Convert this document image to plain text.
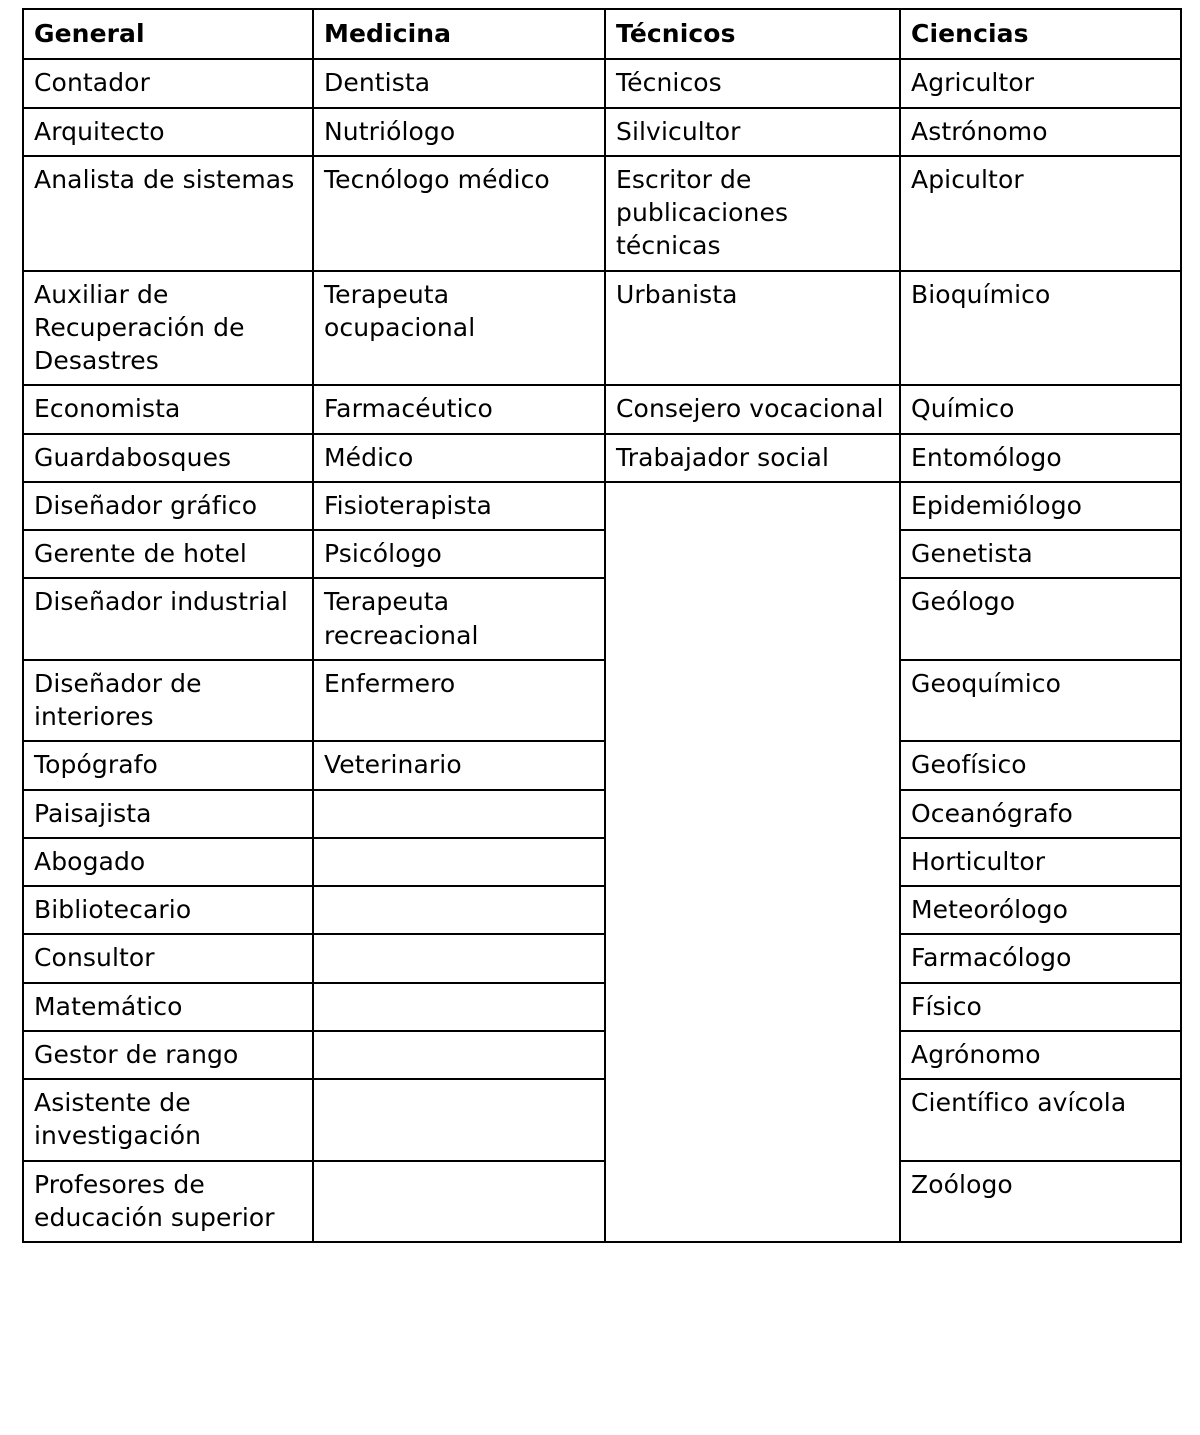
General	Medicina	Técnicos	Ciencias
Contador	Dentista	Técnicos	Agricultor
Arquitecto	Nutriólogo	Silvicultor	Astrónomo
Analista de sistemas	Tecnólogo médico	Escritor de publicaciones técnicas	Apicultor
Auxiliar de Recuperación de Desastres	Terapeuta ocupacional	Urbanista	Bioquímico
Economista	Farmacéutico	Consejero vocacional	Químico
Guardabosques	Médico	Trabajador social	Entomólogo
Diseñador gráfico	Fisioterapista		Epidemiólogo
Gerente de hotel	Psicólogo		Genetista
Diseñador industrial	Terapeuta recreacional		Geólogo
Diseñador de interiores	Enfermero		Geoquímico
Topógrafo	Veterinario		Geofísico
Paisajista			Oceanógrafo
Abogado			Horticultor
Bibliotecario			Meteorólogo
Consultor			Farmacólogo
Matemático			Físico
Gestor de rango			Agrónomo
Asistente de investigación			Científico avícola
Profesores de educación superior			Zoólogo
